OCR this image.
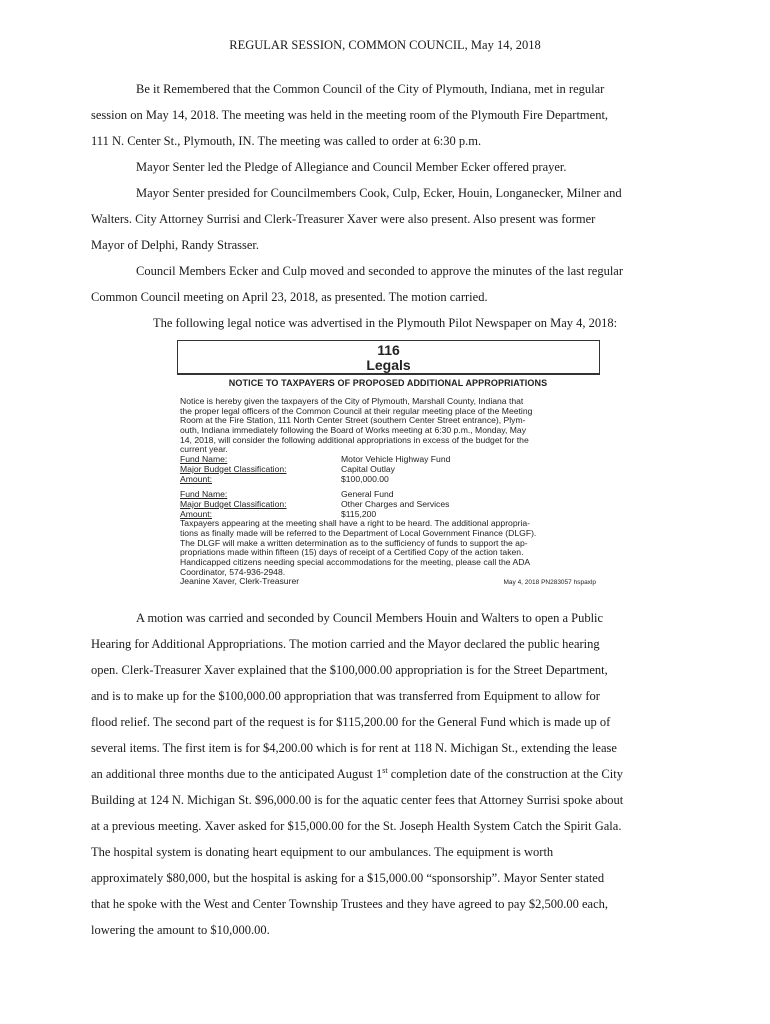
REGULAR SESSION, COMMON COUNCIL, May 14, 2018
Be it Remembered that the Common Council of the City of Plymouth, Indiana, met in regular
session on May 14, 2018. The meeting was held in the meeting room of the Plymouth Fire Department,
111 N. Center St., Plymouth, IN. The meeting was called to order at 6:30 p.m.
Mayor Senter led the Pledge of Allegiance and Council Member Ecker offered prayer.
Mayor Senter presided for Councilmembers Cook, Culp, Ecker, Houin, Longanecker, Milner and
Walters. City Attorney Surrisi and Clerk-Treasurer Xaver were also present. Also present was former
Mayor of Delphi, Randy Strasser.
Council Members Ecker and Culp moved and seconded to approve the minutes of the last regular
Common Council meeting on April 23, 2018, as presented. The motion carried.
The following legal notice was advertised in the Plymouth Pilot Newspaper on May 4, 2018:
116
Legals
NOTICE TO TAXPAYERS OF PROPOSED ADDITIONAL APPROPRIATIONS
Notice is hereby given the taxpayers of the City of Plymouth, Marshall County, Indiana that
the proper legal officers of the Common Council at their regular meeting place of the Meeting
Room at the Fire Station, 111 North Center Street (southern Center Street entrance), Plym-
outh, Indiana immediately following the Board of Works meeting at 6:30 p.m., Monday, May
14, 2018, will consider the following additional appropriations in excess of the budget for the
current year.
Fund Name:	Motor Vehicle Highway Fund
Major Budget Classification:	Capital Outlay
Amount:	$100,000.00
Fund Name:	General Fund
Major Budget Classification:	Other Charges and Services
Amount:	$115,200
Taxpayers appearing at the meeting shall have a right to be heard. The additional appropria-
tions as finally made will be referred to the Department of Local Government Finance (DLGF).
The DLGF will make a written determination as to the sufficiency of funds to support the ap-
propriations made within fifteen (15) days of receipt of a Certified Copy of the action taken.
Handicapped citizens needing special accommodations for the meeting, please call the ADA
Coordinator, 574-936-2948.
Jeanine Xaver, Clerk-Treasurer	May 4, 2018 PN283057 hspaxlp
A motion was carried and seconded by Council Members Houin and Walters to open a Public
Hearing for Additional Appropriations. The motion carried and the Mayor declared the public hearing
open. Clerk-Treasurer Xaver explained that the $100,000.00 appropriation is for the Street Department,
and is to make up for the $100,000.00 appropriation that was transferred from Equipment to allow for
flood relief. The second part of the request is for $115,200.00 for the General Fund which is made up of
several items. The first item is for $4,200.00 which is for rent at 118 N. Michigan St., extending the lease
an additional three months due to the anticipated August 1st completion date of the construction at the City
Building at 124 N. Michigan St. $96,000.00 is for the aquatic center fees that Attorney Surrisi spoke about
at a previous meeting. Xaver asked for $15,000.00 for the St. Joseph Health System Catch the Spirit Gala.
The hospital system is donating heart equipment to our ambulances. The equipment is worth
approximately $80,000, but the hospital is asking for a $15,000.00 “sponsorship”. Mayor Senter stated
that he spoke with the West and Center Township Trustees and they have agreed to pay $2,500.00 each,
lowering the amount to $10,000.00.
